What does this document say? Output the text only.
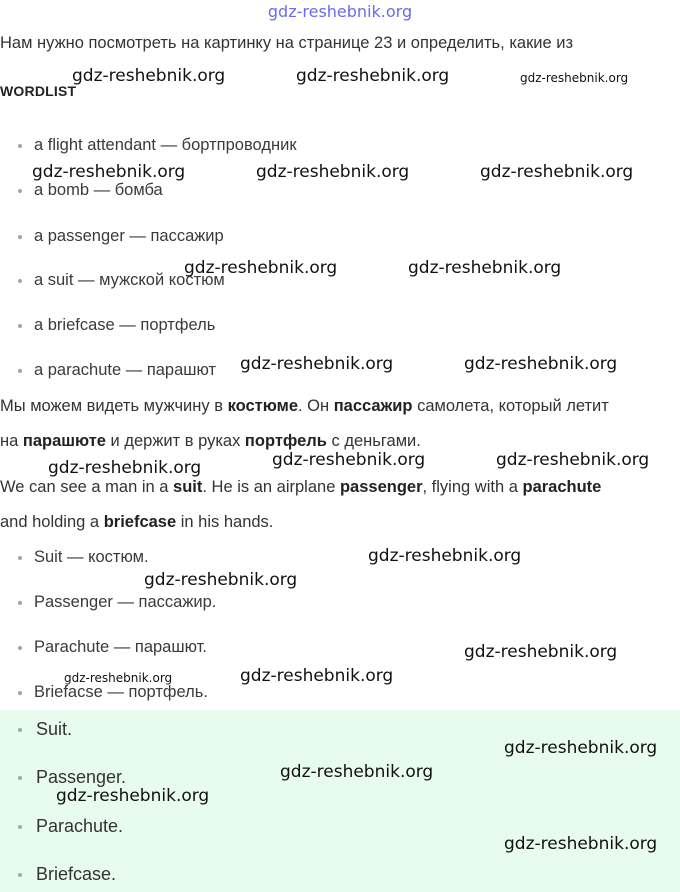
gdz-reshebnik.org
Нам нужно посмотреть на картинку на странице 23 и определить, какие из
WORDLIST
a flight attendant — бортпроводник
a bomb — бомба
a passenger — пассажир
a suit — мужской костюм
a briefcase — портфель
a parachute — парашют
Мы можем видеть мужчину в костюме. Он пассажир самолета, который летит
на парашюте и держит в руках портфель с деньгами.
We can see a man in a suit. He is an airplane passenger, flying with a parachute
and holding a briefcase in his hands.
Suit — костюм.
Passenger — пассажир.
Parachute — парашют.
Briefacse — портфель.
Suit.
Passenger.
Parachute.
Briefcase.
gdz-reshebnik.org	gdz-reshebnik.org	gdz-reshebnik.org
gdz-reshebnik.org	gdz-reshebnik.org	gdz-reshebnik.org
gdz-reshebnik.org	gdz-reshebnik.org
gdz-reshebnik.org	gdz-reshebnik.org
gdz-reshebnik.org	gdz-reshebnik.org	gdz-reshebnik.org
gdz-reshebnik.org
gdz-reshebnik.org
gdz-reshebnik.org
gdz-reshebnik.org	gdz-reshebnik.org
gdz-reshebnik.org
gdz-reshebnik.org
gdz-reshebnik.org
gdz-reshebnik.org
